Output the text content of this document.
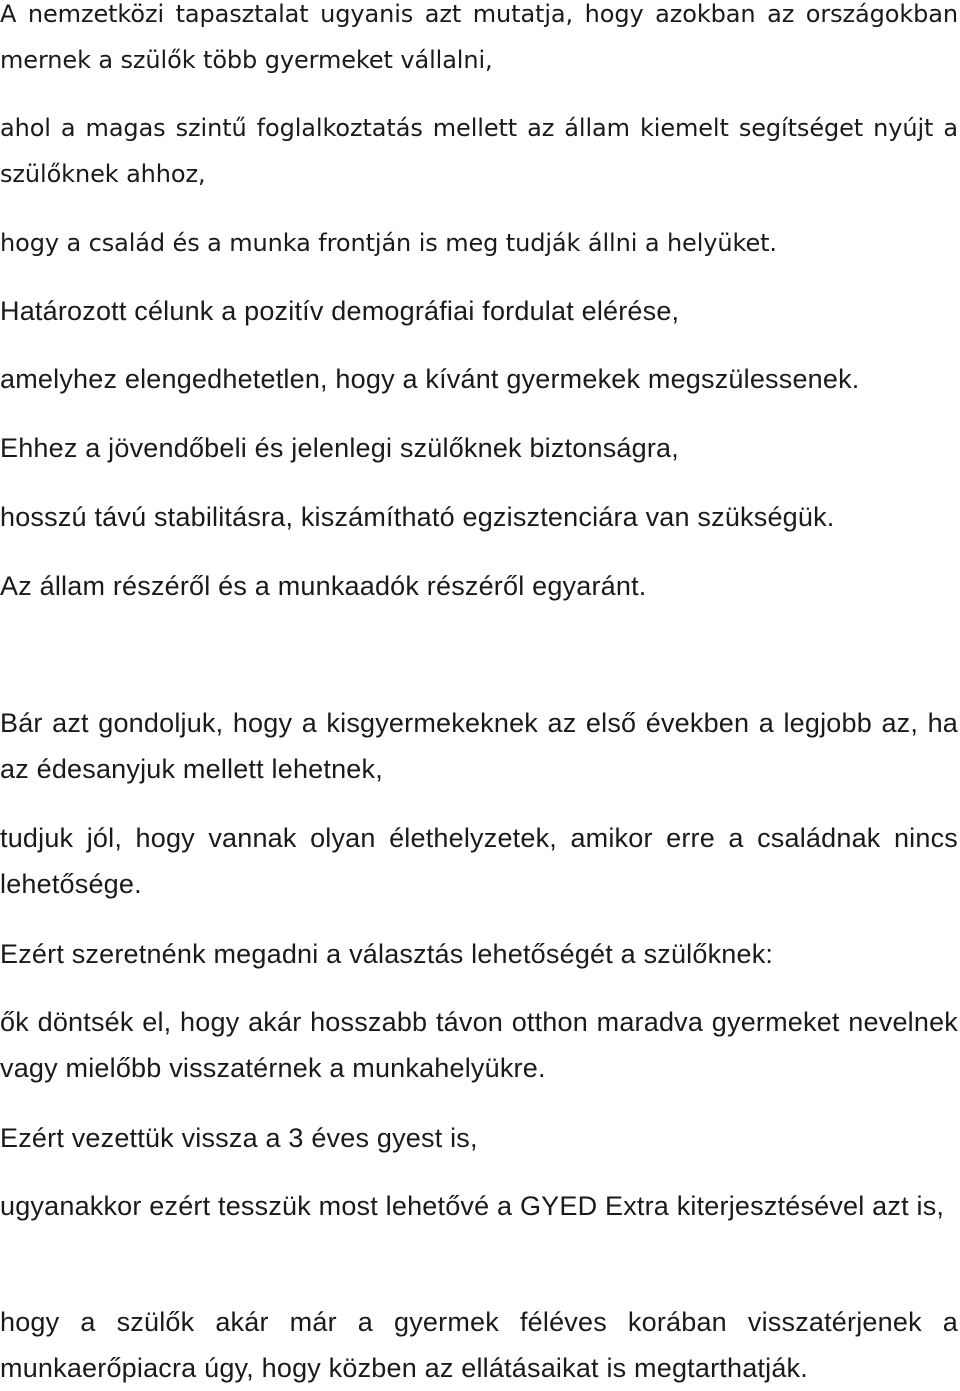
A nemzetközi tapasztalat ugyanis azt mutatja, hogy azokban az országokban mernek a szülők több gyermeket vállalni,

ahol a magas szintű foglalkoztatás mellett az állam kiemelt segítséget nyújt a szülőknek ahhoz,

hogy a család és a munka frontján is meg tudják állni a helyüket.

Határozott célunk a pozitív demográfiai fordulat elérése,

amelyhez elengedhetetlen, hogy a kívánt gyermekek megszülessenek.

Ehhez a jövendőbeli és jelenlegi szülőknek biztonságra,

hosszú távú stabilitásra, kiszámítható egzisztenciára van szükségük.

Az állam részéről és a munkaadók részéről egyaránt.

Bár azt gondoljuk, hogy a kisgyermekeknek az első években a legjobb az, ha az édesanyjuk mellett lehetnek,

tudjuk jól, hogy vannak olyan élethelyzetek, amikor erre a családnak nincs lehetősége.

Ezért szeretnénk megadni a választás lehetőségét a szülőknek:

ők döntsék el, hogy akár hosszabb távon otthon maradva gyermeket nevelnek vagy mielőbb visszatérnek a munkahelyükre.

Ezért vezettük vissza a 3 éves gyest is,

ugyanakkor ezért tesszük most lehetővé a GYED Extra kiterjesztésével azt is,

hogy a szülők akár már a gyermek féléves korában visszatérjenek a munkaerőpiacra úgy, hogy közben az ellátásaikat is megtarthatják.
